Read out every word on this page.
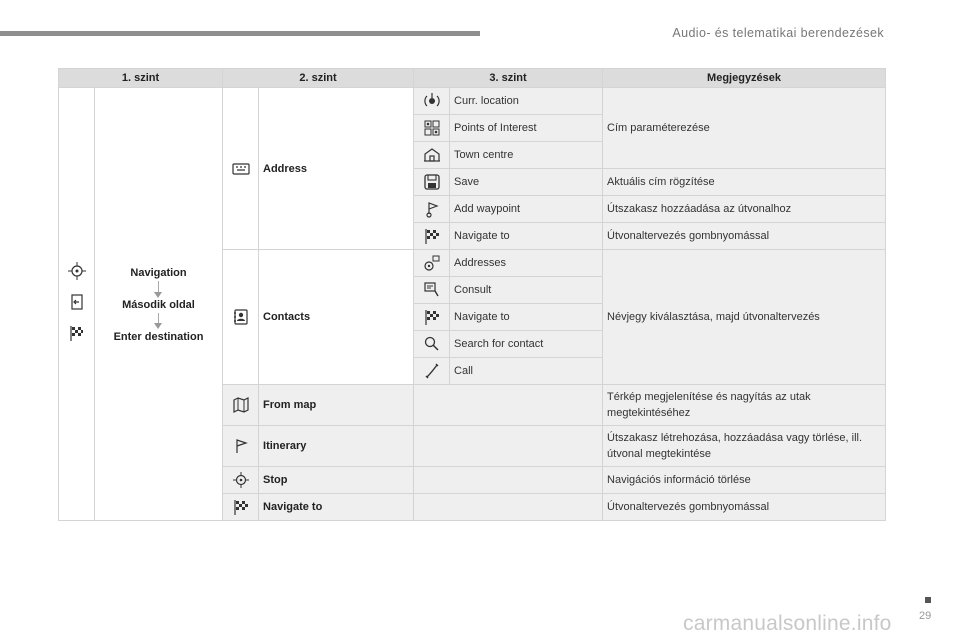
Audio- és telematikai berendezések
1. szint		2. szint		3. szint		Megjegyzések

Navigation
Második oldal
Enter destination		Address		Curr. location	Cím paraméterezése
	Points of Interest	
	Town centre	
	Save	Aktuális cím rögzítése
	Add waypoint	Útszakasz hozzáadása az útvonalhoz
	Navigate to	Útvonaltervezés gombnyomással
	Contacts		Addresses	Névjegy kiválasztása, majd útvonaltervezés
	Consult	
	Navigate to	
	Search for contact	
	Call	
	From map			Térkép megjelenítése és nagyítás az utak megtekintéséhez
	Itinerary			Útszakasz létrehozása, hozzáadása vagy törlése, ill. útvonal megtekintése
	Stop			Navigációs információ törlése
	Navigate to			Útvonaltervezés gombnyomással
29
carmanualsonline.info
